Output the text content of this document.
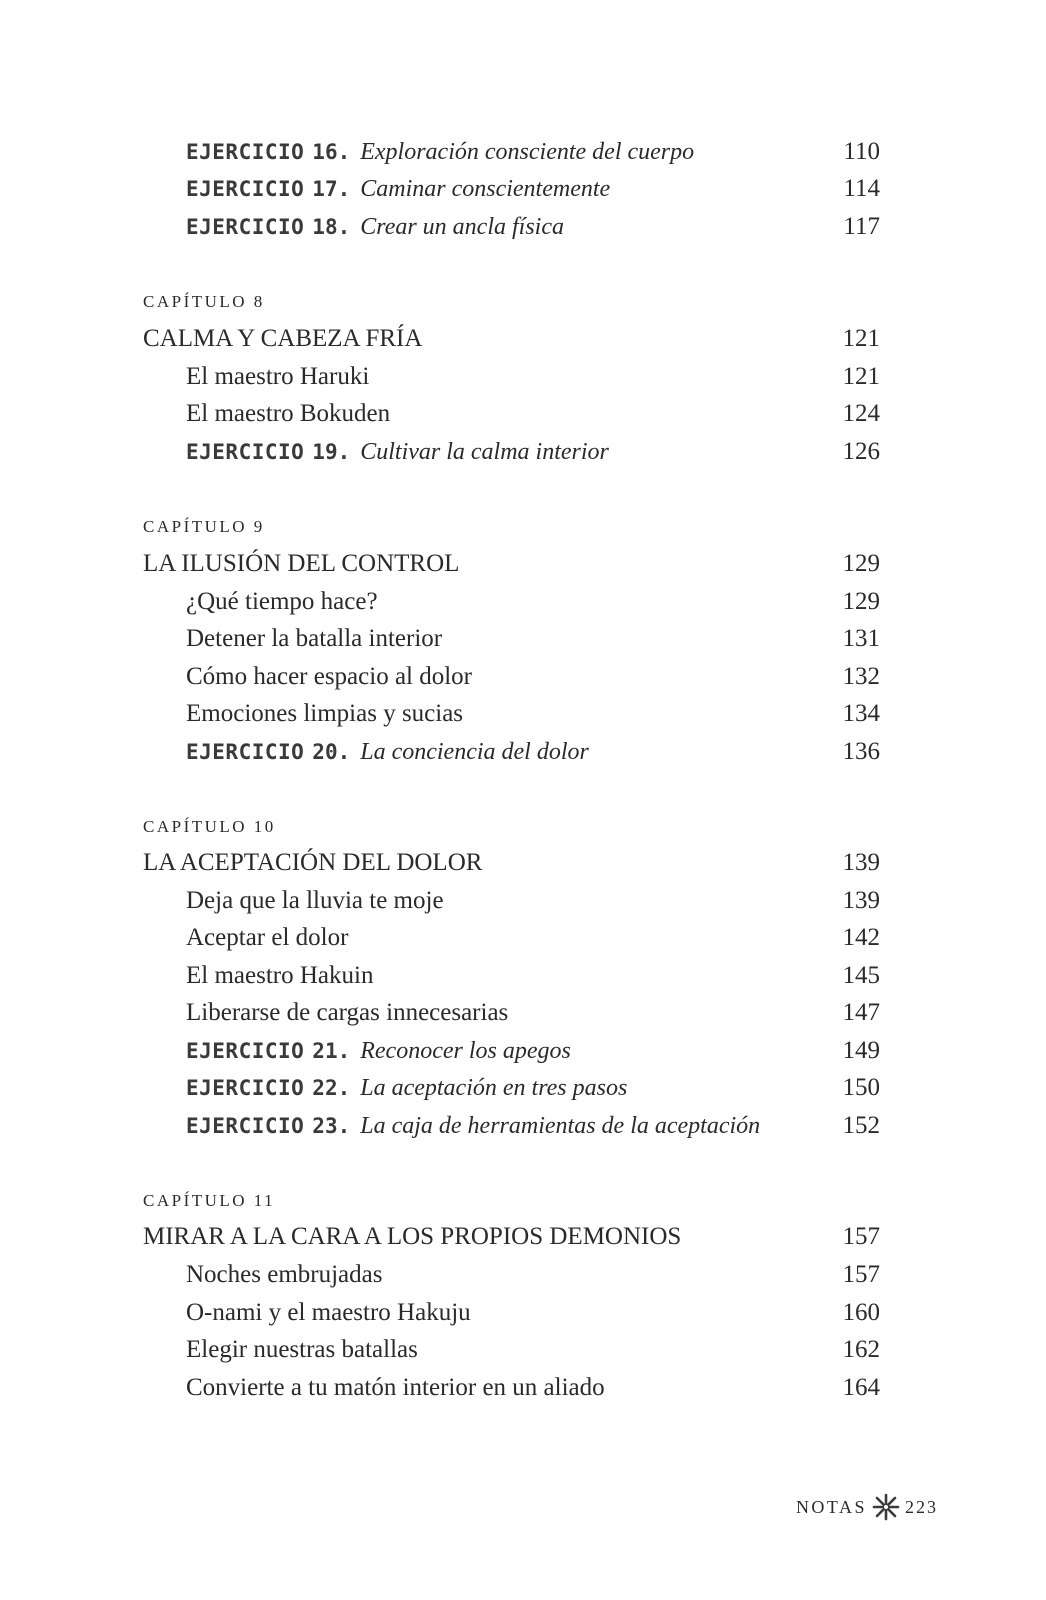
EJERCICIO 16. Exploración consciente del cuerpo	110
EJERCICIO 17. Caminar conscientemente	114
EJERCICIO 18. Crear un ancla física	117
CAPÍTULO 8
CALMA Y CABEZA FRÍA	121
El maestro Haruki	121
El maestro Bokuden	124
EJERCICIO 19. Cultivar la calma interior	126
CAPÍTULO 9
LA ILUSIÓN DEL CONTROL	129
¿Qué tiempo hace?	129
Detener la batalla interior	131
Cómo hacer espacio al dolor	132
Emociones limpias y sucias	134
EJERCICIO 20. La conciencia del dolor	136
CAPÍTULO 10
LA ACEPTACIÓN DEL DOLOR	139
Deja que la lluvia te moje	139
Aceptar el dolor	142
El maestro Hakuin	145
Liberarse de cargas innecesarias	147
EJERCICIO 21. Reconocer los apegos	149
EJERCICIO 22. La aceptación en tres pasos	150
EJERCICIO 23. La caja de herramientas de la aceptación	152
CAPÍTULO 11
MIRAR A LA CARA A LOS PROPIOS DEMONIOS	157
Noches embrujadas	157
O-nami y el maestro Hakuju	160
Elegir nuestras batallas	162
Convierte a tu matón interior en un aliado	164
NOTAS 223
